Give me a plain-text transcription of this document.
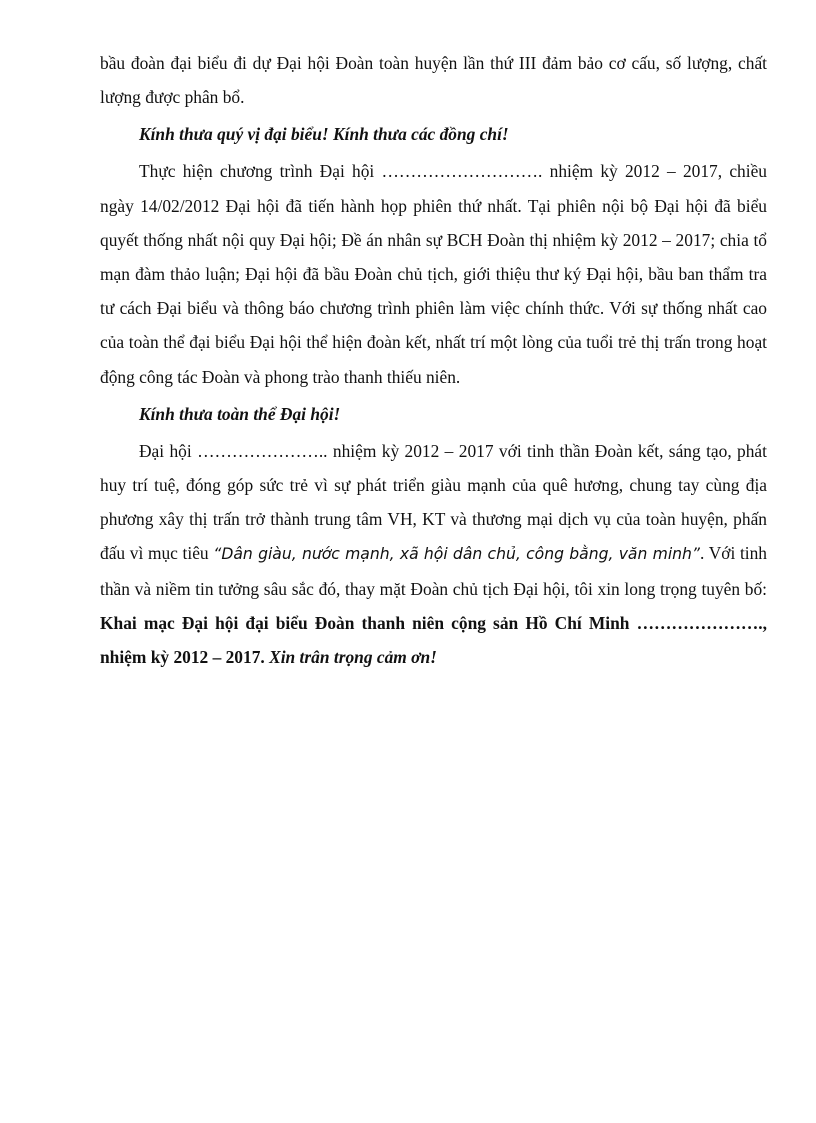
bầu đoàn đại biểu đi dự Đại hội Đoàn toàn huyện lần thứ III đảm bảo cơ cấu, số lượng, chất lượng được phân bổ.

Kính thưa quý vị đại biểu! Kính thưa các đồng chí!

Thực hiện chương trình Đại hội ………………………. nhiệm kỳ 2012 – 2017, chiều ngày 14/02/2012 Đại hội đã tiến hành họp phiên thứ nhất. Tại phiên nội bộ Đại hội đã biểu quyết thống nhất nội quy Đại hội; Đề án nhân sự BCH Đoàn thị nhiệm kỳ 2012 – 2017; chia tổ mạn đàm thảo luận; Đại hội đã bầu Đoàn chủ tịch, giới thiệu thư ký Đại hội, bầu ban thẩm tra tư cách Đại biểu và thông báo chương trình phiên làm việc chính thức. Với sự thống nhất cao của toàn thể đại biểu Đại hội thể hiện đoàn kết, nhất trí một lòng của tuổi trẻ thị trấn trong hoạt động công tác Đoàn và phong trào thanh thiếu niên.

Kính thưa toàn thể Đại hội!

Đại hội ………………….. nhiệm kỳ 2012 – 2017 với tinh thần Đoàn kết, sáng tạo, phát huy trí tuệ, đóng góp sức trẻ vì sự phát triển giàu mạnh của quê hương, chung tay cùng địa phương xây thị trấn trở thành trung tâm VH, KT và thương mại dịch vụ của toàn huyện, phấn đấu vì mục tiêu “Dân giàu, nước mạnh, xã hội dân chủ, công bằng, văn minh”. Với tinh thần và niềm tin tưởng sâu sắc đó, thay mặt Đoàn chủ tịch Đại hội, tôi xin long trọng tuyên bố: Khai mạc Đại hội đại biểu Đoàn thanh niên cộng sản Hồ Chí Minh …………………., nhiệm kỳ 2012 – 2017. Xin trân trọng cảm ơn!
